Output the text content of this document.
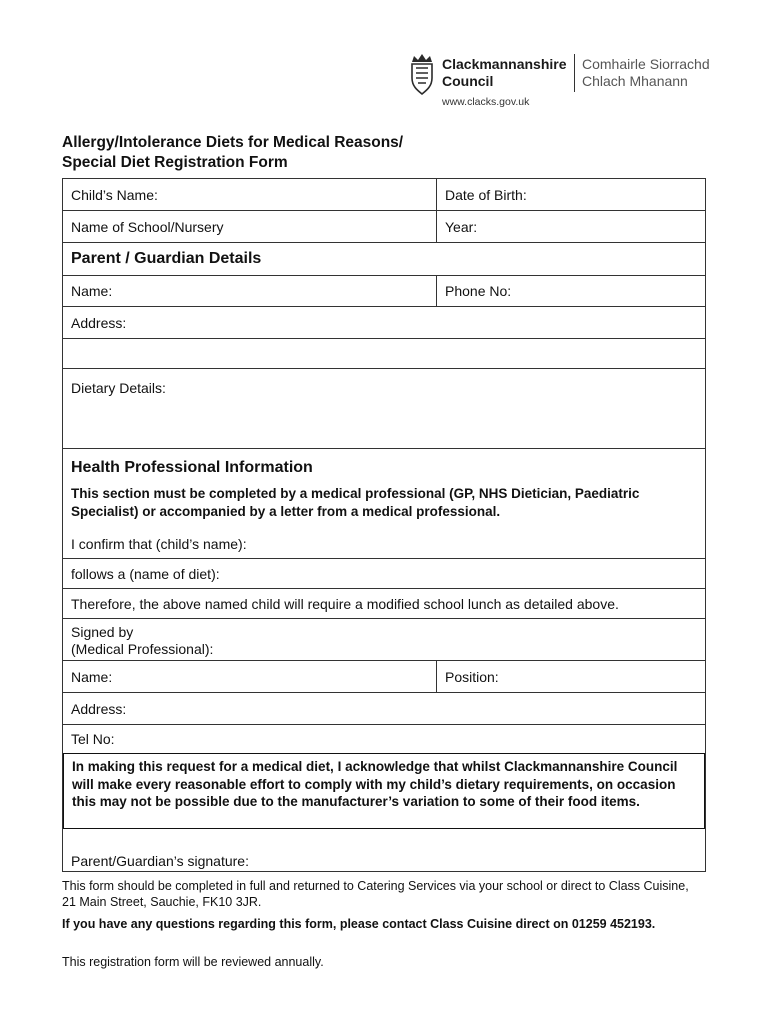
Clackmannanshire
Council
Comhairle Siorrachd
Chlach Mhanann
www.clacks.gov.uk
Allergy/Intolerance Diets for Medical Reasons/
Special Diet Registration Form
Child’s Name:	Date of Birth:
Name of School/Nursery	Year:
Parent / Guardian Details
Name:	Phone No:
Address:
Dietary Details:
Health Professional Information
This section must be completed by a medical professional (GP, NHS Dietician, Paediatric Specialist) or accompanied by a letter from a medical professional.
I confirm that (child’s name):
follows a (name of diet):
Therefore, the above named child will require a modified school lunch as detailed above.
Signed by
(Medical Professional):
Name:	Position:
Address:
Tel No:
In making this request for a medical diet, I acknowledge that whilst Clackmannanshire Council will make every reasonable effort to comply with my child’s dietary requirements, on occasion this may not be possible due to the manufacturer’s variation to some of their food items.
Parent/Guardian’s signature:
This form should be completed in full and returned to Catering Services via your school or direct to Class Cuisine, 21 Main Street, Sauchie, FK10 3JR.
If you have any questions regarding this form, please contact Class Cuisine direct on 01259 452193.
This registration form will be reviewed annually.
